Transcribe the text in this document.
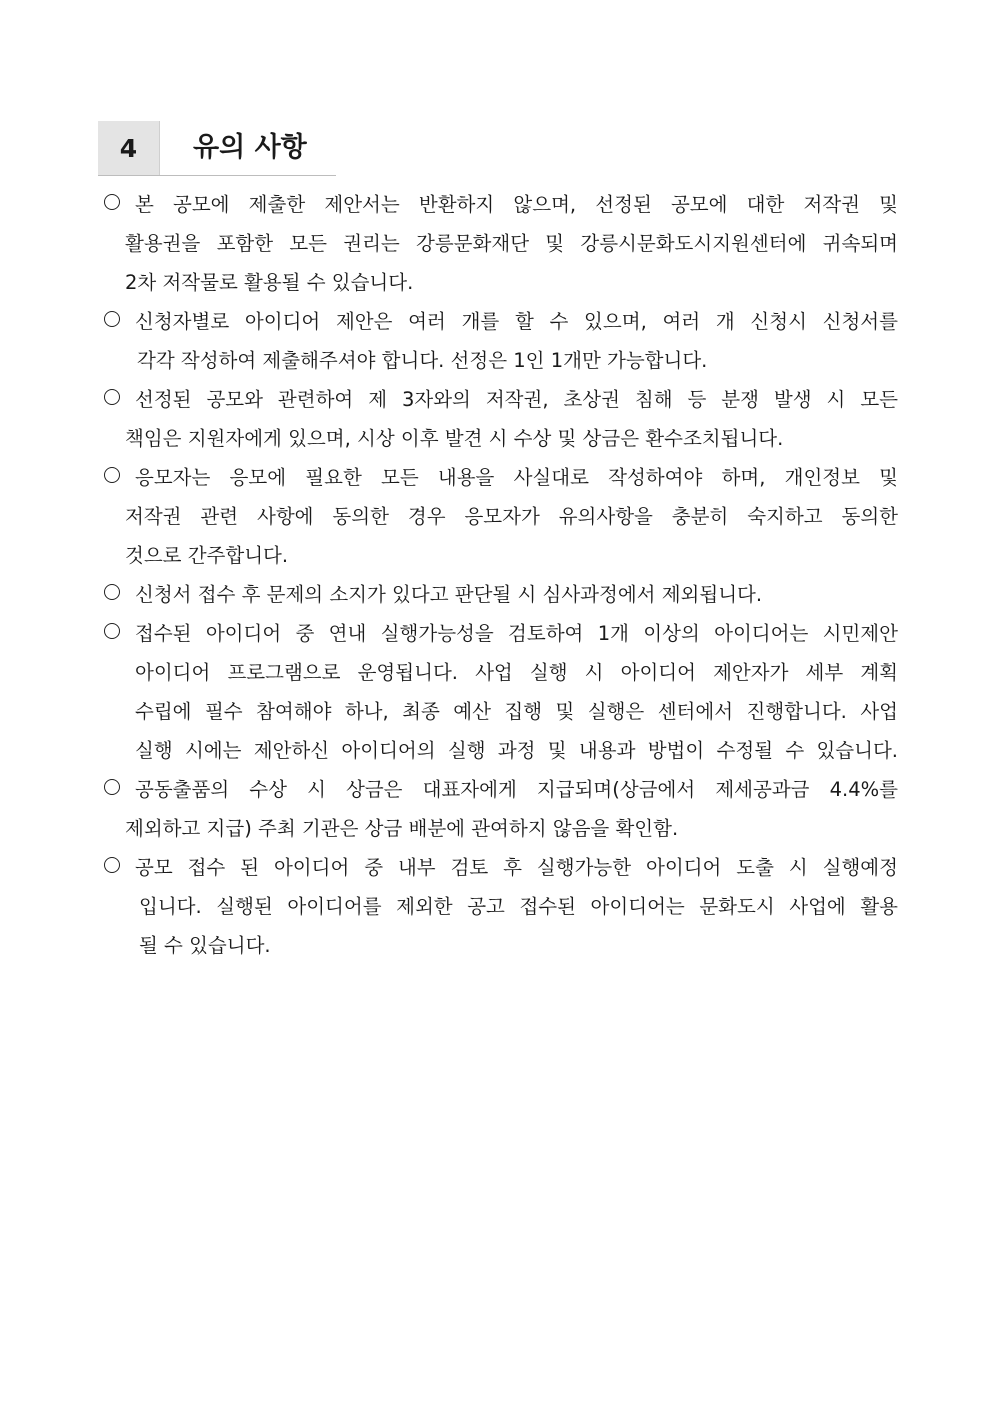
4	유의 사항
본 공모에 제출한 제안서는 반환하지 않으며, 선정된 공모에 대한 저작권 및
활용권을 포함한 모든 권리는 강릉문화재단 및 강릉시문화도시지원센터에 귀속되며
2차 저작물로 활용될 수 있습니다.
신청자별로 아이디어 제안은 여러 개를 할 수 있으며, 여러 개 신청시 신청서를
각각 작성하여 제출해주셔야 합니다. 선정은 1인 1개만 가능합니다.
선정된 공모와 관련하여 제 3자와의 저작권, 초상권 침해 등 분쟁 발생 시 모든
책임은 지원자에게 있으며, 시상 이후 발견 시 수상 및 상금은 환수조치됩니다.
응모자는 응모에 필요한 모든 내용을 사실대로 작성하여야 하며, 개인정보 및
저작권 관련 사항에 동의한 경우 응모자가 유의사항을 충분히 숙지하고 동의한
것으로 간주합니다.
신청서 접수 후 문제의 소지가 있다고 판단될 시 심사과정에서 제외됩니다.
접수된 아이디어 중 연내 실행가능성을 검토하여 1개 이상의 아이디어는 시민제안
아이디어 프로그램으로 운영됩니다. 사업 실행 시 아이디어 제안자가 세부 계획
수립에 필수 참여해야 하나, 최종 예산 집행 및 실행은 센터에서 진행합니다. 사업
실행 시에는 제안하신 아이디어의 실행 과정 및 내용과 방법이 수정될 수 있습니다.
공동출품의 수상 시 상금은 대표자에게 지급되며(상금에서 제세공과금 4.4%를
제외하고 지급) 주최 기관은 상금 배분에 관여하지 않음을 확인함.
공모 접수 된 아이디어 중 내부 검토 후 실행가능한 아이디어 도출 시 실행예정
입니다. 실행된 아이디어를 제외한 공고 접수된 아이디어는 문화도시 사업에 활용
될 수 있습니다.
